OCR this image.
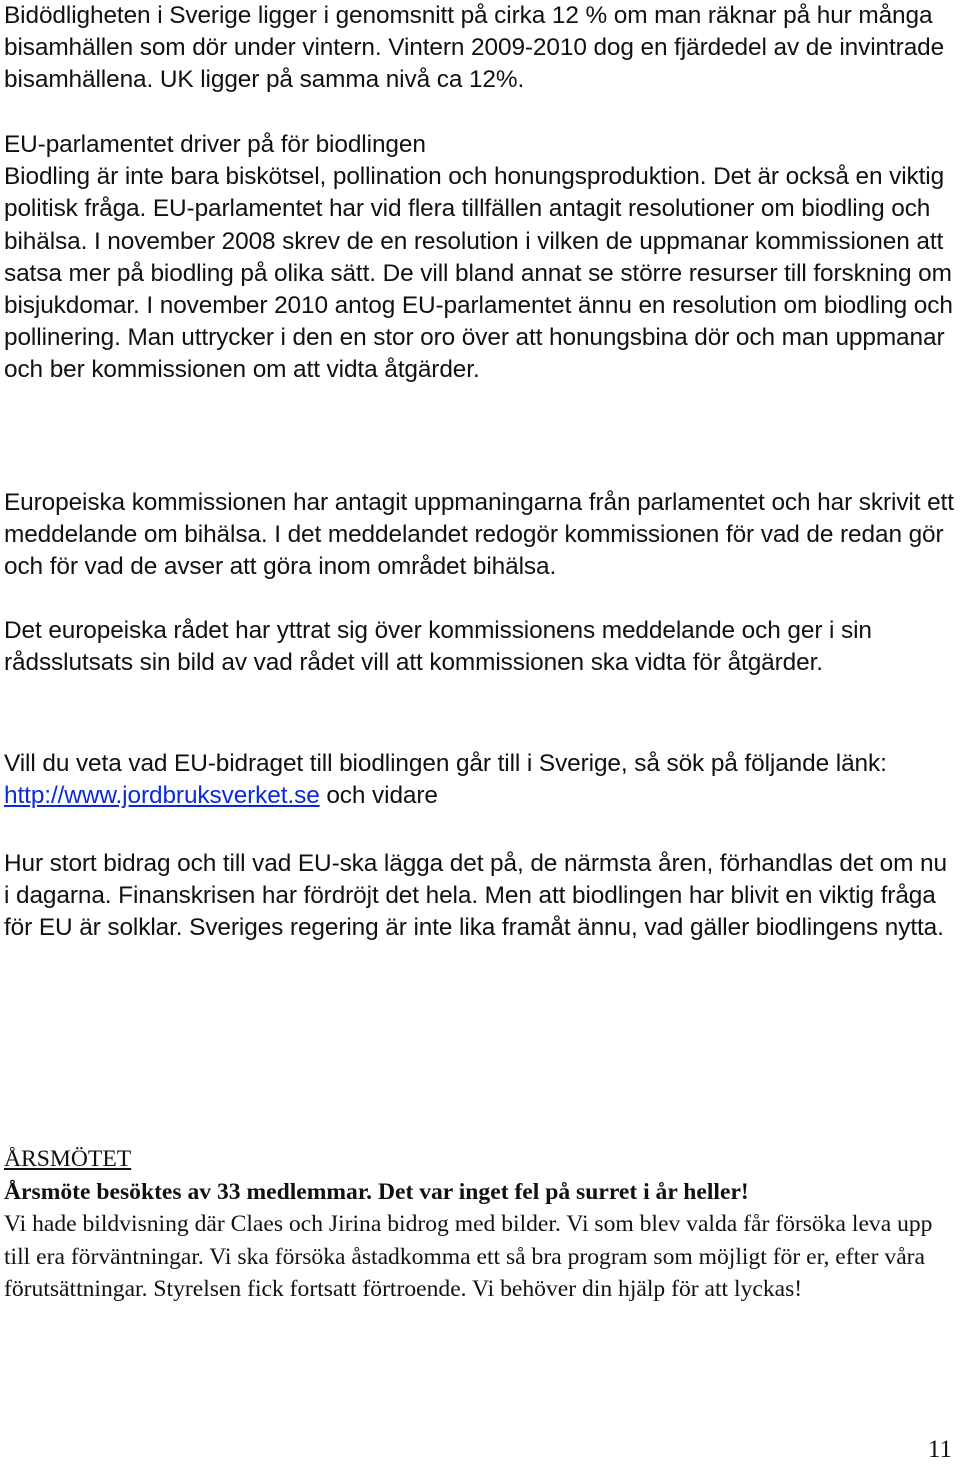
Bidödligheten i Sverige ligger i genomsnitt på cirka 12 % om man räknar på hur många bisamhällen som dör under vintern. Vintern 2009-2010 dog en fjärdedel av de invintrade bisamhällena. UK ligger på samma nivå ca 12%.

EU-parlamentet driver på för biodlingen
Biodling är inte bara biskötsel, pollination och honungsproduktion. Det är också en viktig politisk fråga. EU-parlamentet har vid flera tillfällen antagit resolutioner om biodling och bihälsa. I november 2008 skrev de en resolution i vilken de uppmanar kommissionen att satsa mer på biodling på olika sätt. De vill bland annat se större resurser till forskning om bisjukdomar. I november 2010 antog EU-parlamentet ännu en resolution om biodling och pollinering. Man uttrycker i den en stor oro över att honungsbina dör och man uppmanar och ber kommissionen om att vidta åtgärder.

Europeiska kommissionen har antagit uppmaningarna från parlamentet och har skrivit ett meddelande om bihälsa. I det meddelandet redogör kommissionen för vad de redan gör och för vad de avser att göra inom området bihälsa.

Det europeiska rådet har yttrat sig över kommissionens meddelande och ger i sin rådsslutsats sin bild av vad rådet vill att kommissionen ska vidta för åtgärder.

Vill du veta vad EU-bidraget till biodlingen går till i Sverige, så sök på följande länk: http://www.jordbruksverket.se och vidare

Hur stort bidrag och till vad EU-ska lägga det på, de närmsta åren, förhandlas det om nu i dagarna. Finanskrisen har fördröjt det hela. Men att biodlingen har blivit en viktig fråga för EU är solklar. Sveriges regering är inte lika framåt ännu, vad gäller biodlingens nytta.

ÅRSMÖTET
Årsmöte besöktes av 33 medlemmar. Det var inget fel på surret i år heller!
Vi hade bildvisning där Claes och Jirina bidrog med bilder. Vi som blev valda får försöka leva upp till era förväntningar. Vi ska försöka åstadkomma ett så bra program som möjligt för er, efter våra förutsättningar. Styrelsen fick fortsatt förtroende. Vi behöver din hjälp för att lyckas!
11
